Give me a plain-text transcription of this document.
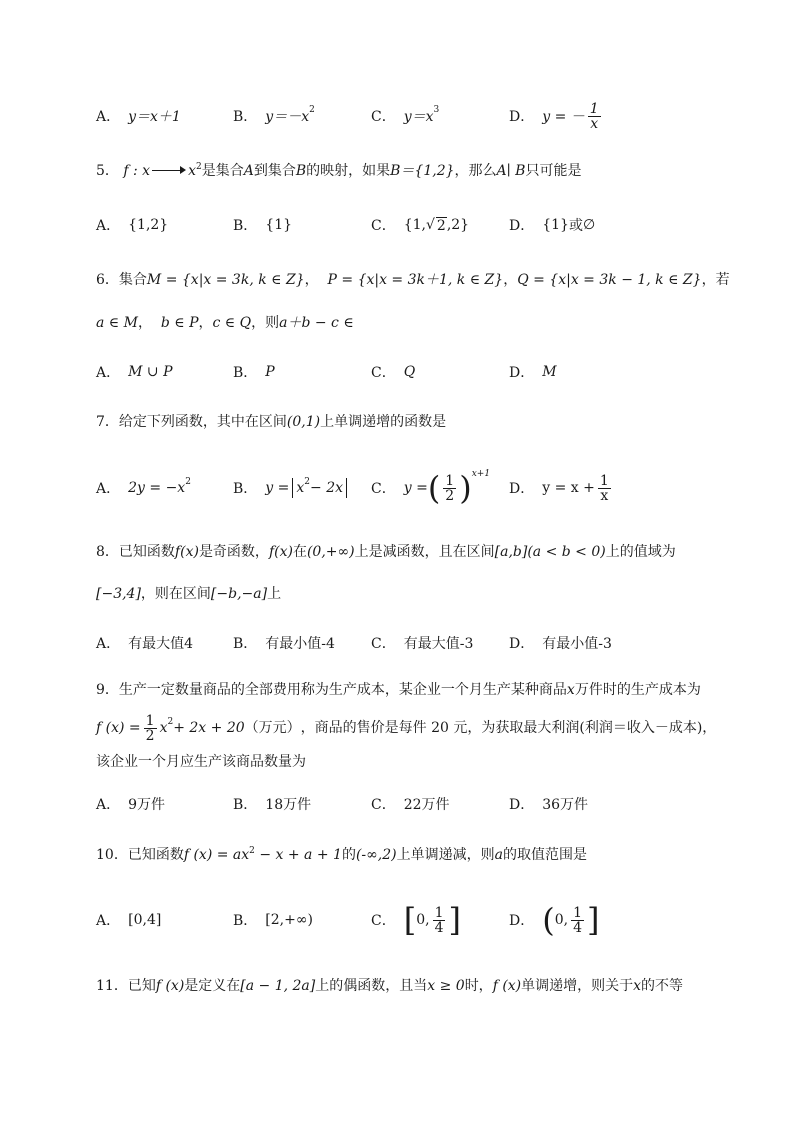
A． y＝x＋1	B． y＝－x 2	C． y＝x 3	D． y = － $\frac{1}{x}$
5． f : x	$x^2$是集合A到集合B的映射，如果B＝{1,2}，那么A∣ B只可能是
A． {1,2}	B． {1}	C． {1, √ 2 ,2}	D． {1} 或 ∅
6．集合M = {x|x = 3k, k ∈ Z}， P = {x|x = 3k＋1, k ∈ Z}，Q = {x|x = 3k − 1, k ∈ Z}，若
a ∈ M， b ∈ P，c ∈ Q，则a＋b − c ∈
A． M ∪ P	B． P	C． Q	D． M
7．给定下列函数，其中在区间(0,1)上单调递增的函数是
A． 2y = −x 2	B． y = x 2 − 2x C． y = ( $\frac{1}{2}$ ) x+1
D． $y = x + \frac{1}{x}$
8．已知函数f(x)是奇函数，f(x)在(0,+∞)上是减函数，且在区间[a,b](a < b < 0)上的值域为
[−3,4]，则在区间[−b,−a]上
A． 有最大值4	B． 有最小值-4	C． 有最大值-3	D． 有最小值-3
9．生产一定数量商品的全部费用称为生产成本，某企业一个月生产某种商品x万件时的生产成本为
f $(x) = \frac{1}{2}$ x 2 + 2x + 20 （万元） ，商品的售价是每件 20 元，为获取最大利润(利润＝收入－成本)，
该企业一个月应生产该商品数量为
A． 9万件	B． 18万件	C． 22万件	D． 36万件
10．已知函数f $(x) = ax^2 - x + a + 1$的(-∞,2)上单调递减，则a的取值范围是
A． [0,4]	B． [2,+∞)	C． [ 0, $\frac{1}{4}$ ]	D． ( 0, $\frac{1}{4}$ ]
11．已知f (x)是定义在[a − 1, 2a]上的偶函数，且当x ≥ 0时，f (x)单调递增，则关于x的不等
